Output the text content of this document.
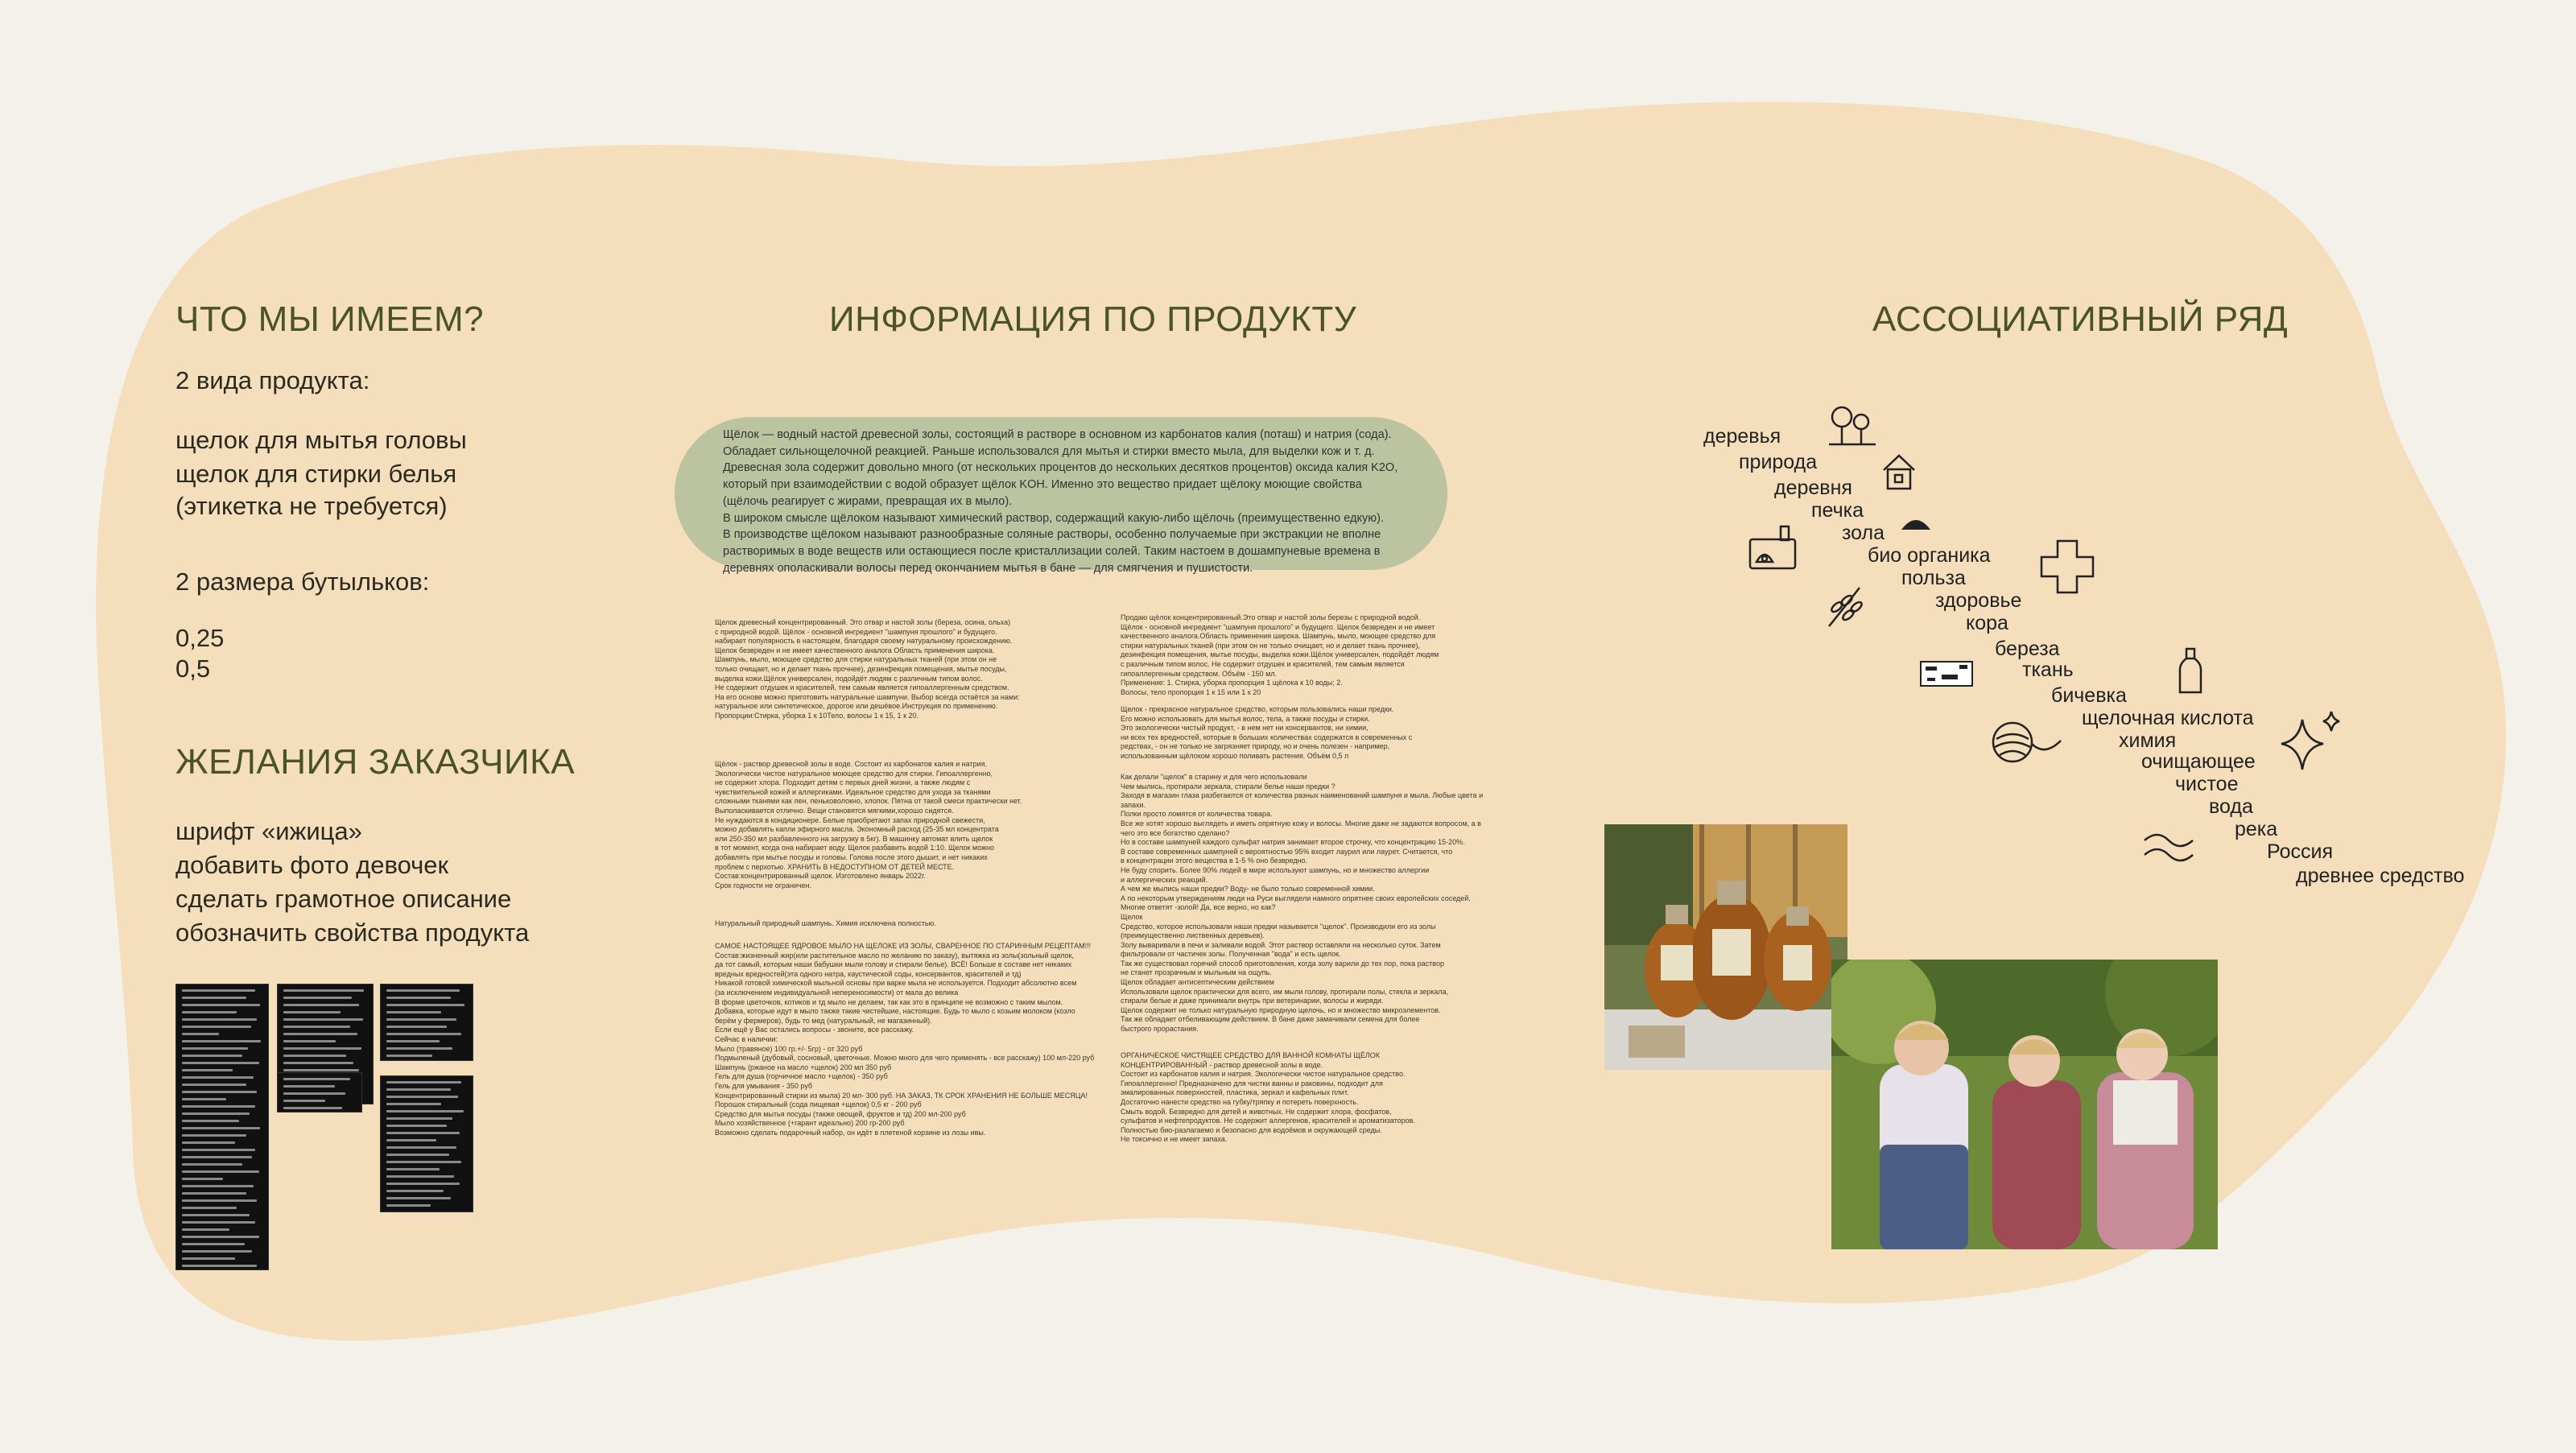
ЧТО МЫ ИМЕЕМ?
2 вида продукта:
щелок для мытья головы
щелок для стирки белья
(этикетка не требуется)
2 размера бутыльков:
0,25
0,5
ЖЕЛАНИЯ ЗАКАЗЧИКА
шрифт «ижица»
добавить фото девочек
сделать грамотное описание
обозначить свойства продукта
ИНФОРМАЦИЯ ПО ПРОДУКТУ

Щёлок — водный настой древесной золы, состоящий в растворе в основном из карбонатов калия (поташ) и натрия (сода).

Обладает сильнощелочной реакцией. Раньше использовался для мытья и стирки вместо мыла, для выделки кож и т. д.

Древесная зола содержит довольно много (от нескольких процентов до нескольких десятков процентов) оксида калия K2O,

который при взаимодействии с водой образует щёлок KOH. Именно это вещество придает щёлоку моющие свойства

(щёлочь реагирует с жирами, превращая их в мыло).

В широком смысле щёлоком называют химический раствор, содержащий какую-либо щёлочь (преимущественно едкую).

В производстве щёлоком называют разнообразные соляные растворы, особенно получаемые при экстракции не вполне

растворимых в воде веществ или остающиеся после кристаллизации солей. Таким настоем в дошампуневые времена в

деревнях ополаскивали волосы перед окончанием мытья в бане — для смягчения и пушистости.

Щелок древесный концентрированный. Это отвар и настой золы (береза, осина, ольха)
с природной водой. Щёлок - основной ингредиент "шампуня прошлого" и будущего.
набирает популярность в настоящем, благодаря своему натуральному происхождению.
Щелок безвреден и не имеет качественного аналога Область применения широка.
Шампунь, мыло, моющее средство для стирки натуральных тканей (при этом он не
только очищает, но и делает ткань прочнее), дезинфекция помещения, мытье посуды,
выделка кожи.Щёлок универсален, подойдёт людям с различным типом волос.
Не содержит отдушек и красителей, тем самым является гипоаллергенным средством.
На его основе можно приготовить натуральные шампуни. Выбор всегда остаётся за нами:
натуральное или синтетическое, дорогое или дешёвое.Инструкция по применению.
Пропорции:Стирка, уборка 1 к 10Тело, волосы 1 к 15, 1 к 20.
Щёлок - раствор древесной золы в воде. Состоит из карбонатов калия и натрия.
Экологически чистое натуральное моющее средство для стирки. Гипоаллергенно,
не содержит хлора. Подходит детям с первых дней жизни, а также людям с
чувствительной кожей и аллергиками. Идеальное средство для ухода за тканями
сложными тканями как лен, пеньковолокно, хлопок. Пятна от такой смеси практически нет.
Выполаскивается отлично. Вещи становятся мягкими,хорошо сидятся.
Не нуждаются в кондиционере. Белые приобретают запах природной свежести,
можно добавлять капли эфирного масла. Экономный расход (25-35 мл концентрата
или 250-350 мл разбавленного на загрузку в 5кг). В машинку автомат влить щелок
в тот момент, когда она набирает воду. Щелок разбавить водой 1:10. Щелок можно
добавлять при мытье посуды и головы. Голова после этого дышит, и нет никаких
проблем с перхотью. ХРАНИТЬ В НЕДОСТУПНОМ ОТ ДЕТЕЙ МЕСТЕ.
Состав:концентрированный щелок. Изготовлено январь 2022г.
Срок годности не ограничен.
Натуральный природный шампунь. Химия исключена полностью.
САМОЕ НАСТОЯЩЕЕ ЯДРОВОЕ МЫЛО НА ЩЕЛОКЕ ИЗ ЗОЛЫ, СВАРЕННОЕ ПО СТАРИННЫМ РЕЦЕПТАМ!!!
Состав:жизненный жир(или растительное масло по желанию по заказу), вытяжка из золы(зольный щелок,
да тот самый, которым наши бабушки мыли голову и стирали белье). ВСЁ! Больше в составе нет никаких
вредных вредностей(эта одного натра, каустической соды, консервантов, красителей и тд)
Никакой готовой химической мыльной основы при варке мыла не используется. Подходит абсолютно всем
(за исключением индивидуальной непереносимости) от мала до велика
В форме цветочков, котиков и тд мыло не делаем, так как это в принципе не возможно с таким мылом.
Добавка, которые идут в мыло также такие чистейшие, настоящие. Будь то мыло с козьим молоком (козло
берём у фермеров), будь то мед (натуральный, не магазинный).
Если ещё у Вас остались вопросы - звоните, все расскажу.
Сейчас в наличии:
Мыло (травяное) 100 гр.+/- 5гр) - от 320 руб
Подмыленый (дубовый, сосновый, цветочные. Можно много для чего применять - все расскажу) 100 мл-220 руб
Шампунь (ржаное на масло +щелок) 200 мл 350 руб
Гель для душа (горчичное масло +щелок) - 350 руб
Гель для умывания - 350 руб
Концентрированный стирки из мыла) 20 мл- 300 руб. НА ЗАКАЗ, ТК СРОК ХРАНЕНИЯ НЕ БОЛЬШЕ МЕСЯЦА!
Порошок стиральный (сода пищевая +щелок) 0,5 кг - 200 руб
Средство для мытья посуды (также овощей, фруктов и тд) 200 мл-200 руб
Мыло хозяйственное (+гарант идеально) 200 гр-200 руб
Возможно сделать подарочный набор, он идёт в плетеной корзине из лозы ивы.
Продаю щёлок концентрированный.Это отвар и настой золы березы с природной водой.
Щёлок - основной ингредиент "шампуня прошлого" и будущего. Щелок безвреден и не имеет
качественного аналога.Область применения широка. Шампунь, мыло, моющее средство для
стирки натуральных тканей (при этом он не только очищает, но и делает ткань прочнее),
дезинфекция помещения, мытье посуды, выделка кожи.Щёлок универсален, подойдёт людям
с различным типом волос. Не содержит отдушек и красителей, тем самым является
гипоаллергенным средством. Объём - 150 мл.
Применение: 1. Стирка, уборка пропорция 1 щёлока к 10 воды; 2.
Волосы, тело пропорция 1 к 15 или 1 к 20
Щелок - прекрасное натуральное средство, которым пользовались наши предки.
Его можно использовать для мытья волос, тела, а также посуды и стирки.
Это экологически чистый продукт, - в нем нет ни консервантов, ни химии,
ни всех тех вредностей, которые в больших количествах содержатся в современных с
редствах, - он не только не загрязняет природу, но и очень полезен - например,
использованным щёлоком хорошо поливать растения. Объём 0,5 л
Как делали "щелок" в старину и для чего использовали
Чем мылись, протирали зеркала, стирали белье наши предки ?
Заходя в магазин глаза разбегаются от количества разных наименований шампуня и мыла. Любые цвета и
запахи.
Полки просто ломятся от количества товара.
Все же хотят хорошо выглядеть и иметь опрятную кожу и волосы. Многие даже не задаются вопросом, а в
чего это все богатство сделано?
Но в составе шампуней каждого сульфат натрия занимает второе строчку, что концентрацию 15-20%.
В составе современных шампуней с вероятностью 95% входит лаурил или лаурет. Считается, что
в концентрации этого вещества в 1-5 % оно безвредно.
Не буду спорить. Более 90% людей в мире используют шампунь, но и множество аллергии
и аллергических реакций.
А чем же мылись наши предки? Воду- не было только современной химии.
А по некоторым утверждениям люди на Руси выглядели намного опрятнее своих европейских соседей.
Многие ответят -золой! Да, все верно, но как?
Щелок
Средство, которое использовали наши предки называется "щелок". Производили его из золы
(преимущественно лиственных деревьев).
Золу вываривали в печи и заливали водой. Этот раствор оставляли на несколько суток. Затем
фильтровали от частичек золы. Полученная "вода" и есть щелок.
Так же существовал горячий способ приготовления, когда золу варили до тех пор, пока раствор
не станет прозрачным и мыльным на ощупь.
Щелок обладает антисептическим действием
Использовали щелок практически для всего, им мыли голову, протирали полы, стекла и зеркала,
стирали белые и даже принимали внутрь при ветеринарии, волосы и жиряди.
Щелок содержит не только натуральную природную щелочь, но и множество микроэлементов.
Так же обладает отбеливающим действием. В бане даже замачивали семена для более
быстрого прорастания.
ОРГАНИЧЕСКОЕ ЧИСТЯЩЕЕ СРЕДСТВО ДЛЯ ВАННОЙ КОМНАТЫ ЩЁЛОК
КОНЦЕНТРИРОВАННЫЙ - раствор древесной золы в воде.
Состоит из карбонатов калия и натрия. Экологически чистое натуральное средство.
Гипоаллергенно! Предназначено для чистки ванны и раковины, подходит для
эмалированных поверхностей, пластика, зеркал и кафельных плит.
Достаточно нанести средство на губку/тряпку и потереть поверхность.
Смыть водой. Безвредно для детей и животных. Не содержит хлора, фосфатов,
сульфатов и нефтепродуктов. Не содержит аллергенов, красителей и ароматизаторов.
Полностью био-разлагаемо и безопасно для водоёмов и окружающей среды.
Не токсично и не имеет запаха.
АССОЦИАТИВНЫЙ РЯД
деревья
природа
деревня
печка
зола
био органика
польза
здоровье
кора
береза
ткань
бичевка
щелочная кислота
химия
очищающее
чистое
вода
река
Россия
древнее средство
